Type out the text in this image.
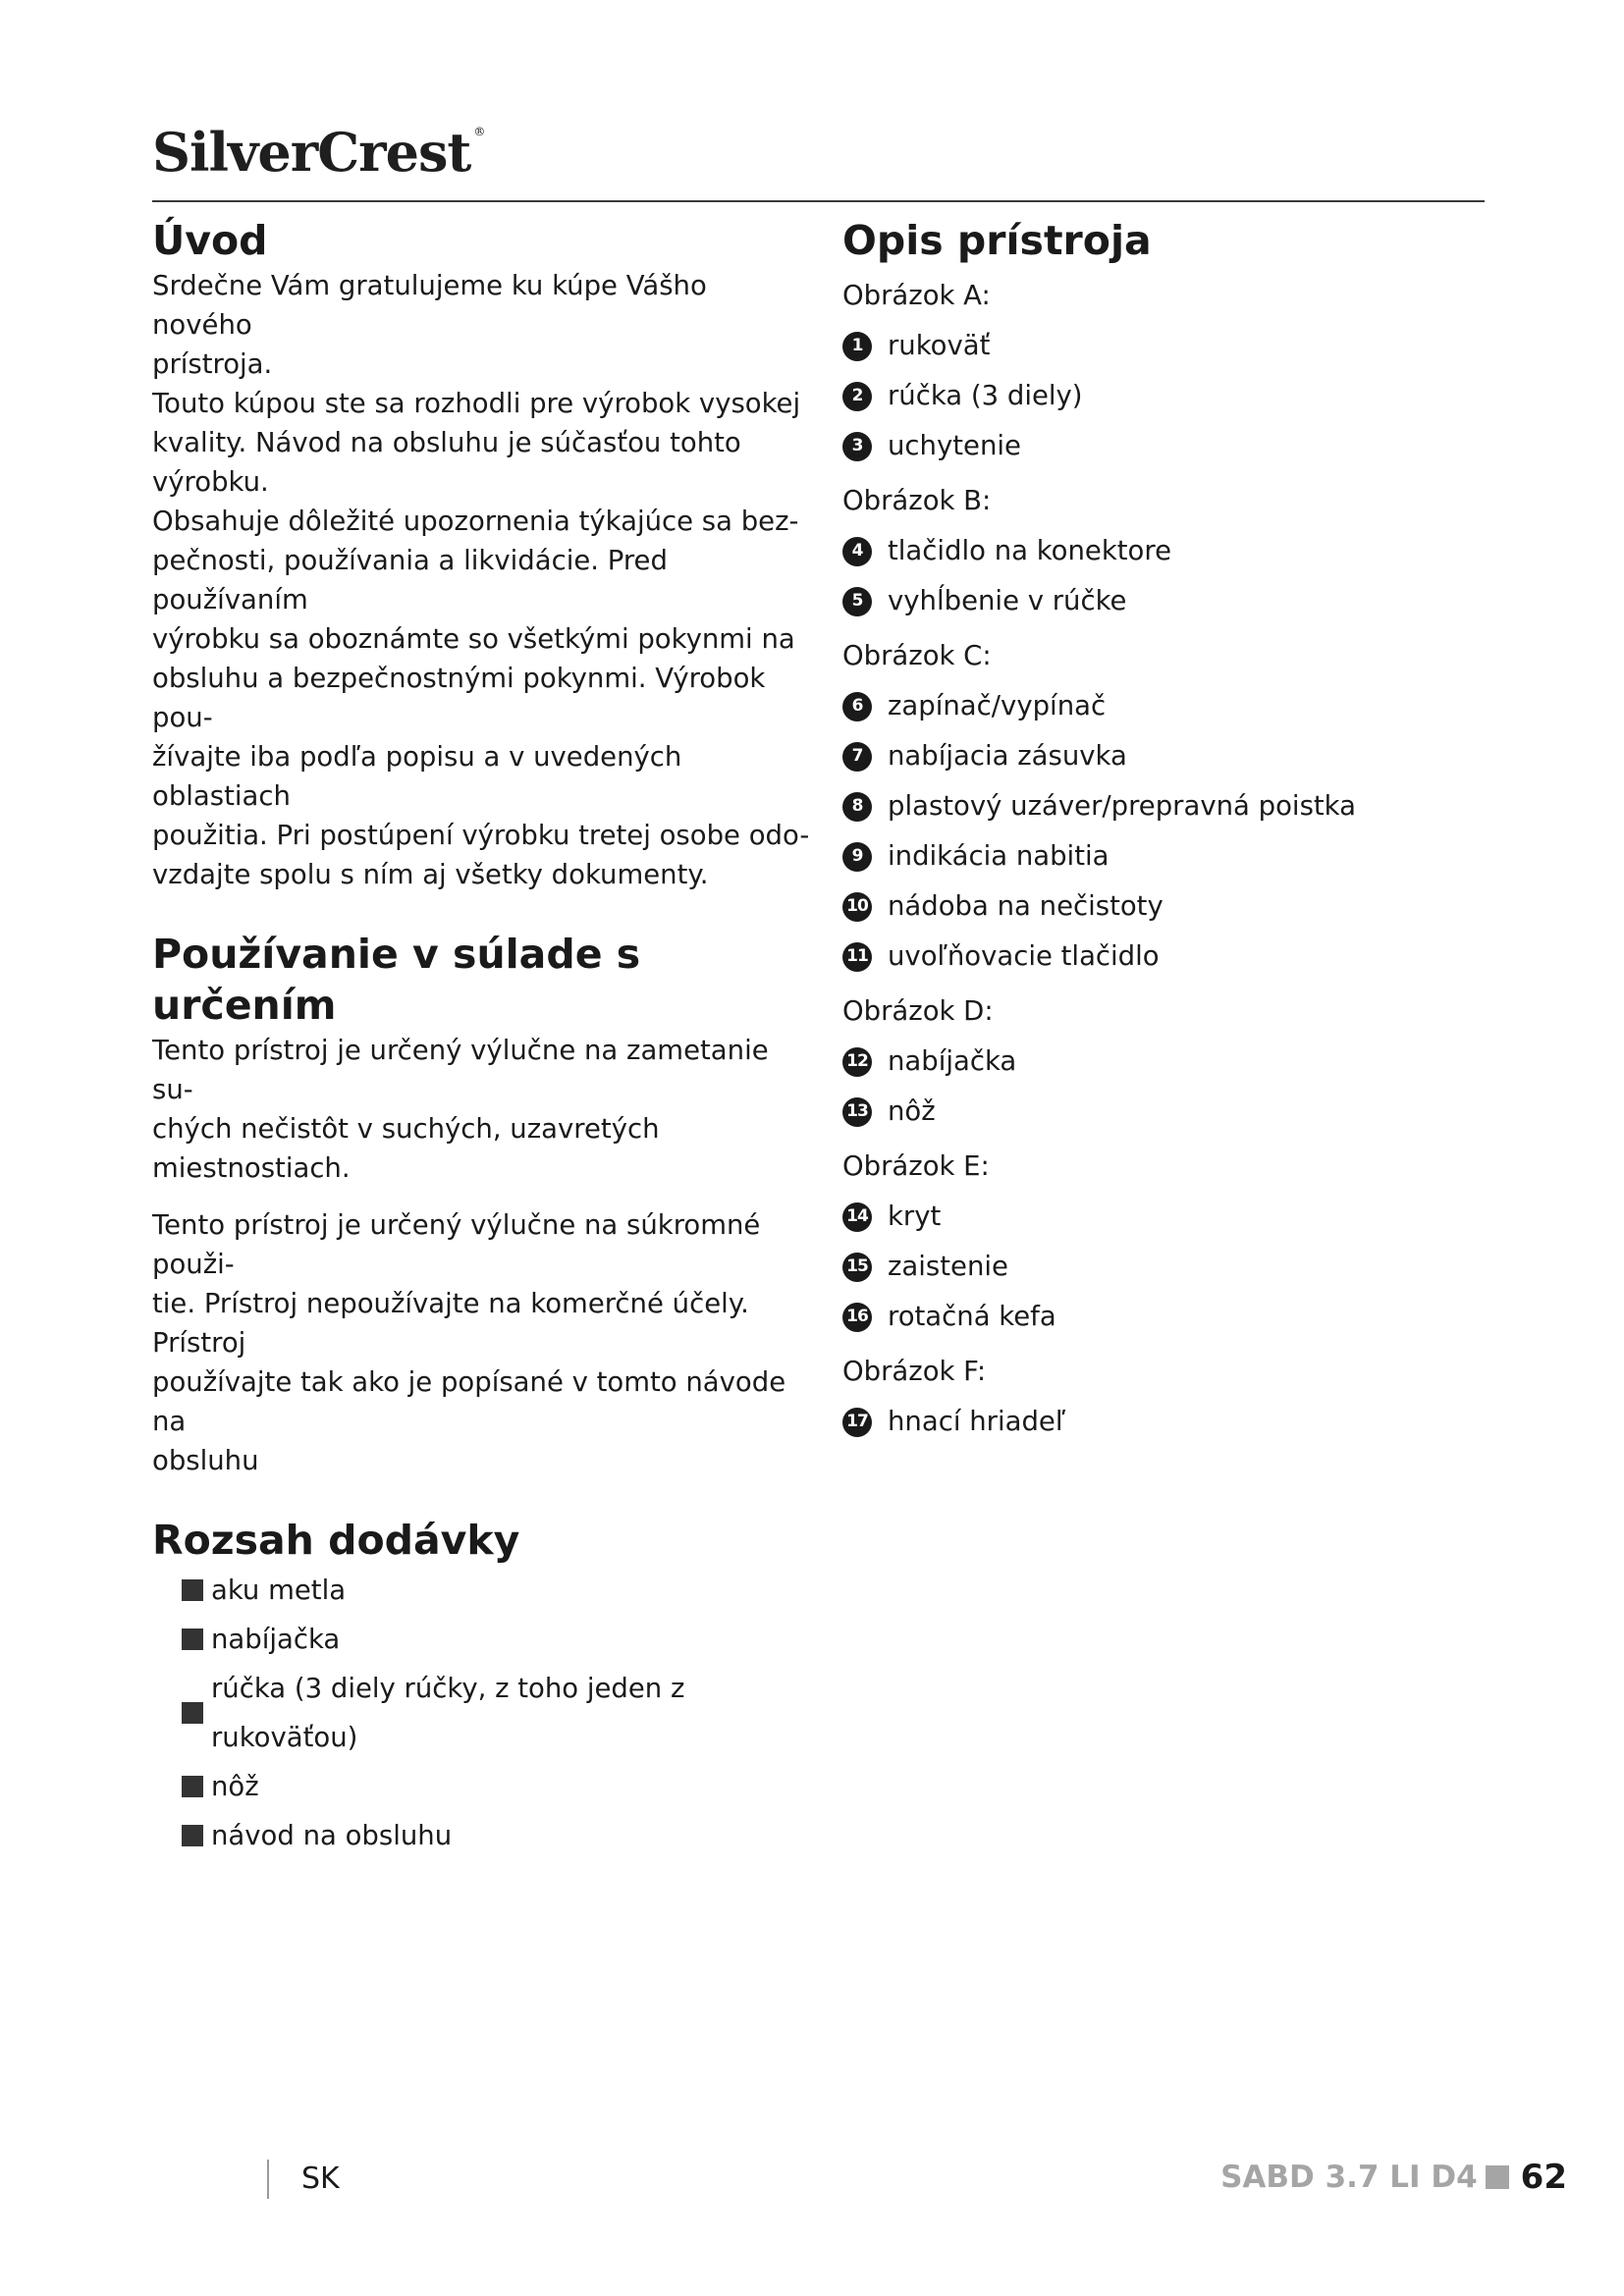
SilverCrest ®
Úvod

Srdečne Vám gratulujeme ku kúpe Vášho nového
prístroja.

Touto kúpou ste sa rozhodli pre výrobok vysokej
kvality. Návod na obsluhu je súčasťou tohto výrobku.
Obsahuje dôležité upozornenia týkajúce sa bez-
pečnosti, používania a likvidácie. Pred používaním
výrobku sa oboznámte so všetkými pokynmi na
obsluhu a bezpečnostnými pokynmi. Výrobok pou-
žívajte iba podľa popisu a v uvedených oblastiach
použitia. Pri postúpení výrobku tretej osobe odo-
vzdajte spolu s ním aj všetky dokumenty.

Používanie v súlade s určením

Tento prístroj je určený výlučne na zametanie su-
chých nečistôt v suchých, uzavretých miestnostiach.

Tento prístroj je určený výlučne na súkromné použi-
tie. Prístroj nepoužívajte na komerčné účely. Prístroj
používajte tak ako je popísané v tomto návode na
obsluhu

Rozsah dodávky
aku metla
nabíjačka
rúčka (3 diely rúčky, z toho jeden z rukoväťou)
nôž
návod na obsluhu
Opis prístroja
Obrázok A:
1 rukoväť
2 rúčka (3 diely)
3 uchytenie
Obrázok B:
4 tlačidlo na konektore
5 vyhĺbenie v rúčke
Obrázok C:
6 zapínač/vypínač
7 nabíjacia zásuvka
8 plastový uzáver/prepravná poistka
9 indikácia nabitia
10 nádoba na nečistoty
11 uvoľňovacie tlačidlo
Obrázok D:
12 nabíjačka
13 nôž
Obrázok E:
14 kryt
15 zaistenie
16 rotačná kefa
Obrázok F:
17 hnací hriadeľ
SK	SABD 3.7 LI D4 62
